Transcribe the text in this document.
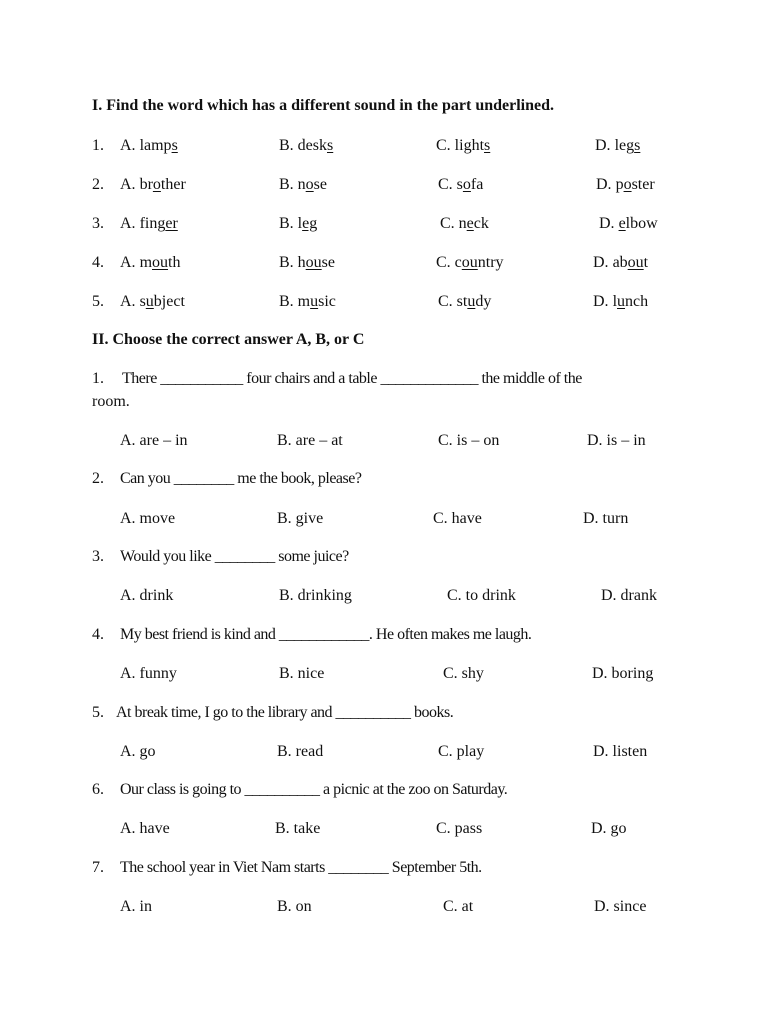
I. Find the word which has a different sound in the part underlined.
1. A. lamps	B. desks	C. lights	D. legs
2. A. brother	B. nose	C. sofa	D. poster
3. A. finger	B. leg	C. neck	D. elbow
4. A. mouth	B. house	C. country	D. about
5. A. subject	B. music	C. study	D. lunch
II. Choose the correct answer A, B, or C
1. There ___________ four chairs and a table _____________ the middle of the
room.
A. are – in	B. are – at	C. is – on	D. is – in
2. Can you ________ me the book, please?
A. move	B. give	C. have	D. turn
3. Would you like ________ some juice?
A. drink	B. drinking	C. to drink	D. drank
4. My best friend is kind and ____________. He often makes me laugh.
A. funny	B. nice	C. shy	D. boring
5. At break time, I go to the library and __________ books.
A. go	B. read	C. play	D. listen
6. Our class is going to __________ a picnic at the zoo on Saturday.
A. have	B. take	C. pass	D. go
7. The school year in Viet Nam starts ________ September 5th.
A. in	B. on	C. at	D. since
